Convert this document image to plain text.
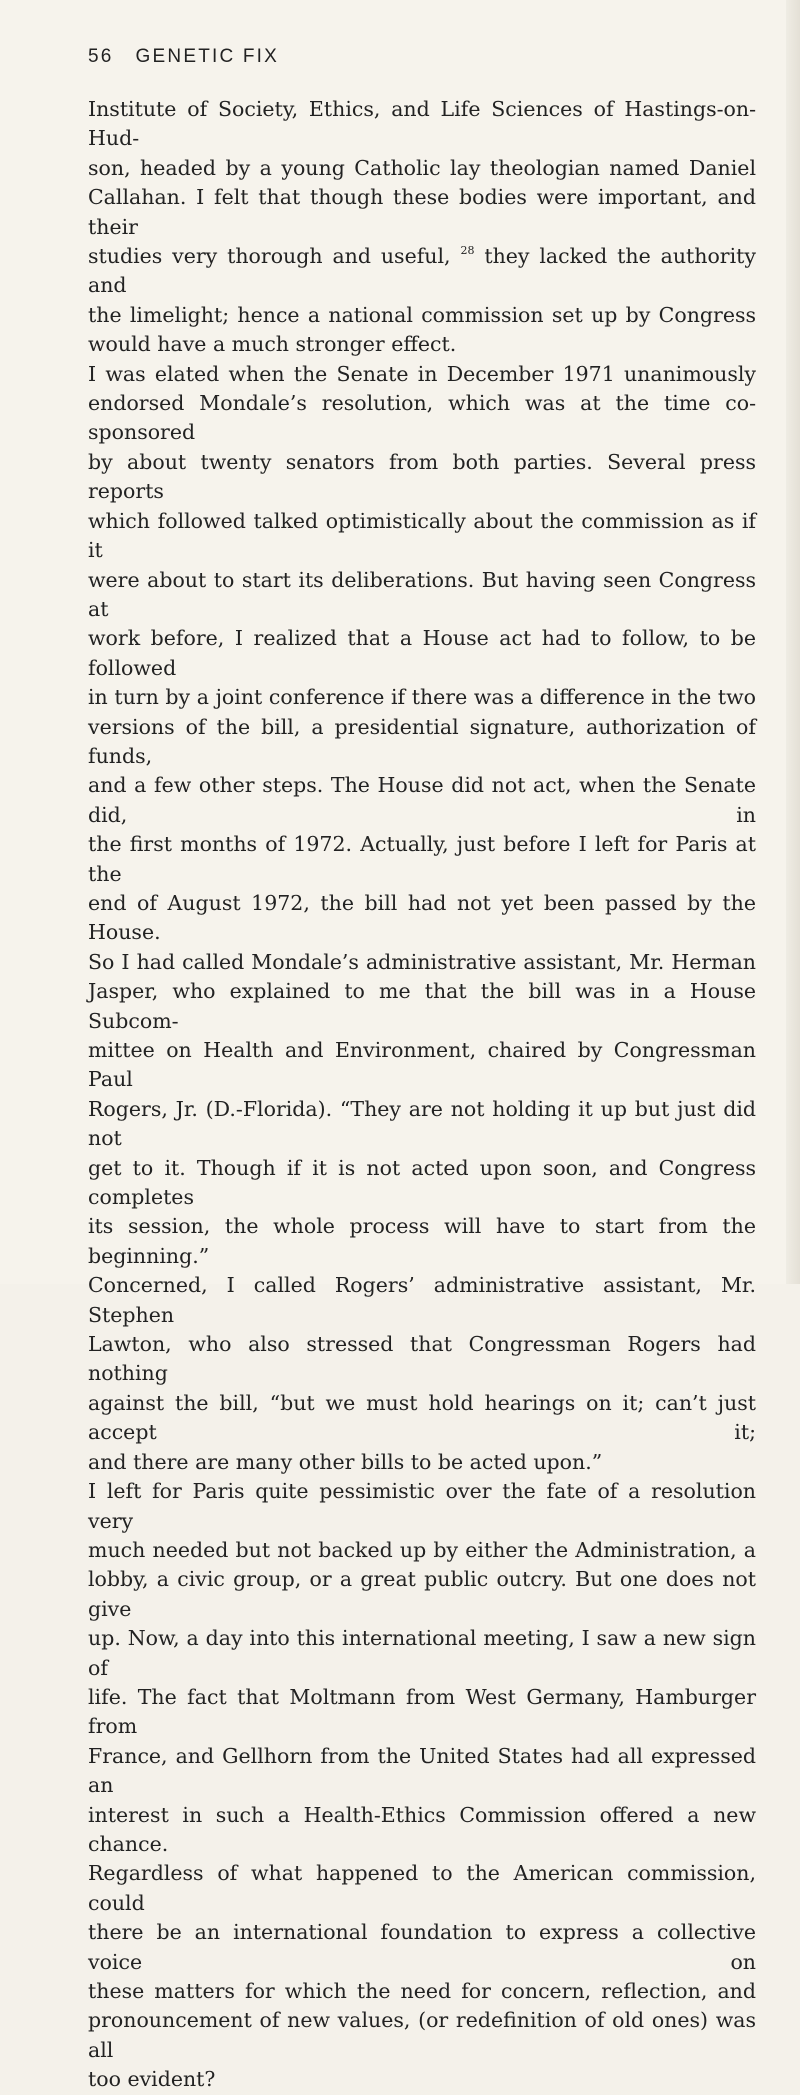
56 GENETIC FIX

Institute of Society, Ethics, and Life Sciences of Hastings-on-Hud-

son, headed by a young Catholic lay theologian named Daniel

Callahan. I felt that though these bodies were important, and their

studies very thorough and useful, $^{28}$ they lacked the authority and

the limelight; hence a national commission set up by Congress

would have a much stronger effect.

I was elated when the Senate in December 1971 unanimously

endorsed Mondale’s resolution, which was at the time co-sponsored

by about twenty senators from both parties. Several press reports

which followed talked optimistically about the commission as if it

were about to start its deliberations. But having seen Congress at

work before, I realized that a House act had to follow, to be followed

in turn by a joint conference if there was a difference in the two

versions of the bill, a presidential signature, authorization of funds,

and a few other steps. The House did not act, when the Senate did, in

the first months of 1972. Actually, just before I left for Paris at the

end of August 1972, the bill had not yet been passed by the House.

So I had called Mondale’s administrative assistant, Mr. Herman

Jasper, who explained to me that the bill was in a House Subcom-

mittee on Health and Environment, chaired by Congressman Paul

Rogers, Jr. (D.-Florida). “They are not holding it up but just did not

get to it. Though if it is not acted upon soon, and Congress completes

its session, the whole process will have to start from the beginning.”

Concerned, I called Rogers’ administrative assistant, Mr. Stephen

Lawton, who also stressed that Congressman Rogers had nothing

against the bill, “but we must hold hearings on it; can’t just accept it;

and there are many other bills to be acted upon.”

I left for Paris quite pessimistic over the fate of a resolution very

much needed but not backed up by either the Administration, a

lobby, a civic group, or a great public outcry. But one does not give

up. Now, a day into this international meeting, I saw a new sign of

life. The fact that Moltmann from West Germany, Hamburger from

France, and Gellhorn from the United States had all expressed an

interest in such a Health-Ethics Commission offered a new chance.

Regardless of what happened to the American commission, could

there be an international foundation to express a collective voice on

these matters for which the need for concern, reflection, and

pronouncement of new values, (or redefinition of old ones) was all

too evident?
